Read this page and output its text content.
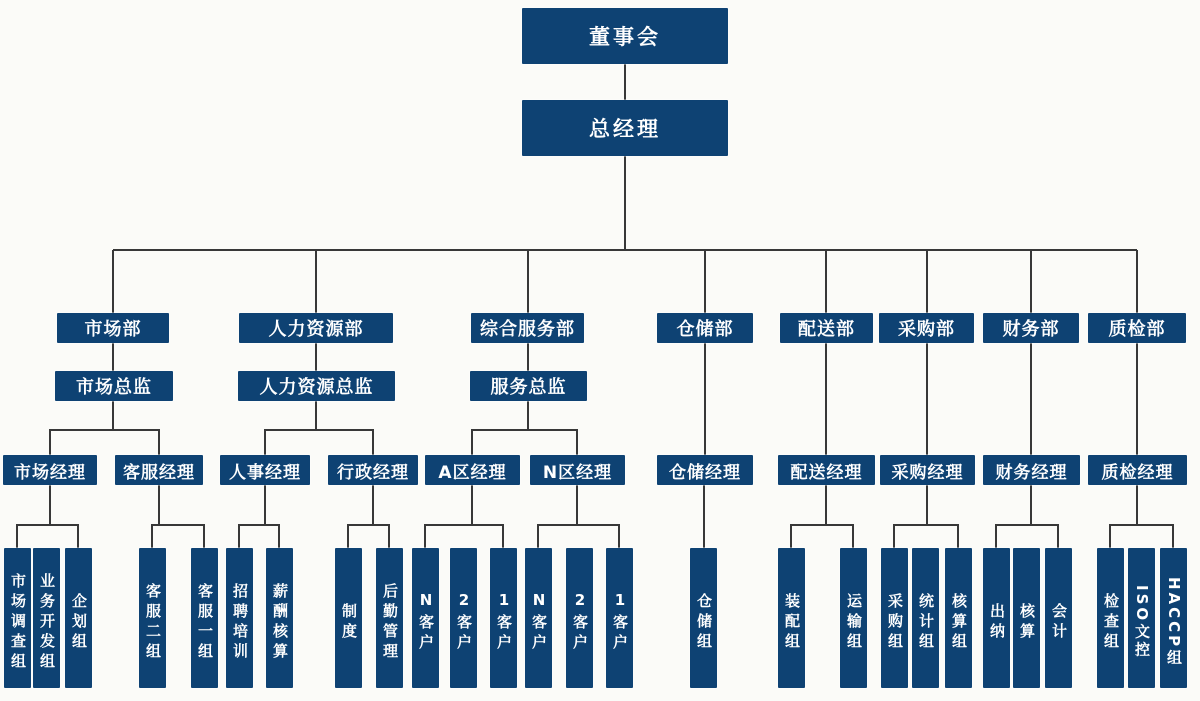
董事会
总经理
市场部	人力资源部	综合服务部	仓储部	配送部	采购部	财务部	质检部
市场总监	人力资源总监	服务总监
市场经理	客服经理	人事经理	行政经理	A区经理	N区经理	仓储经理	配送经理	采购经理	财务经理	质检经理
市场调查组 业务开发组 企划组	客服二组	客服一组	招聘培训	薪酬核算	制度	后勤管理	N客户	2客户	1客户	N客户	2客户	1客户	仓储组	装配组	运输组	采购组 统计组	核算组	出纳 核算 会计	检查组 ISO文控 HACCP组
